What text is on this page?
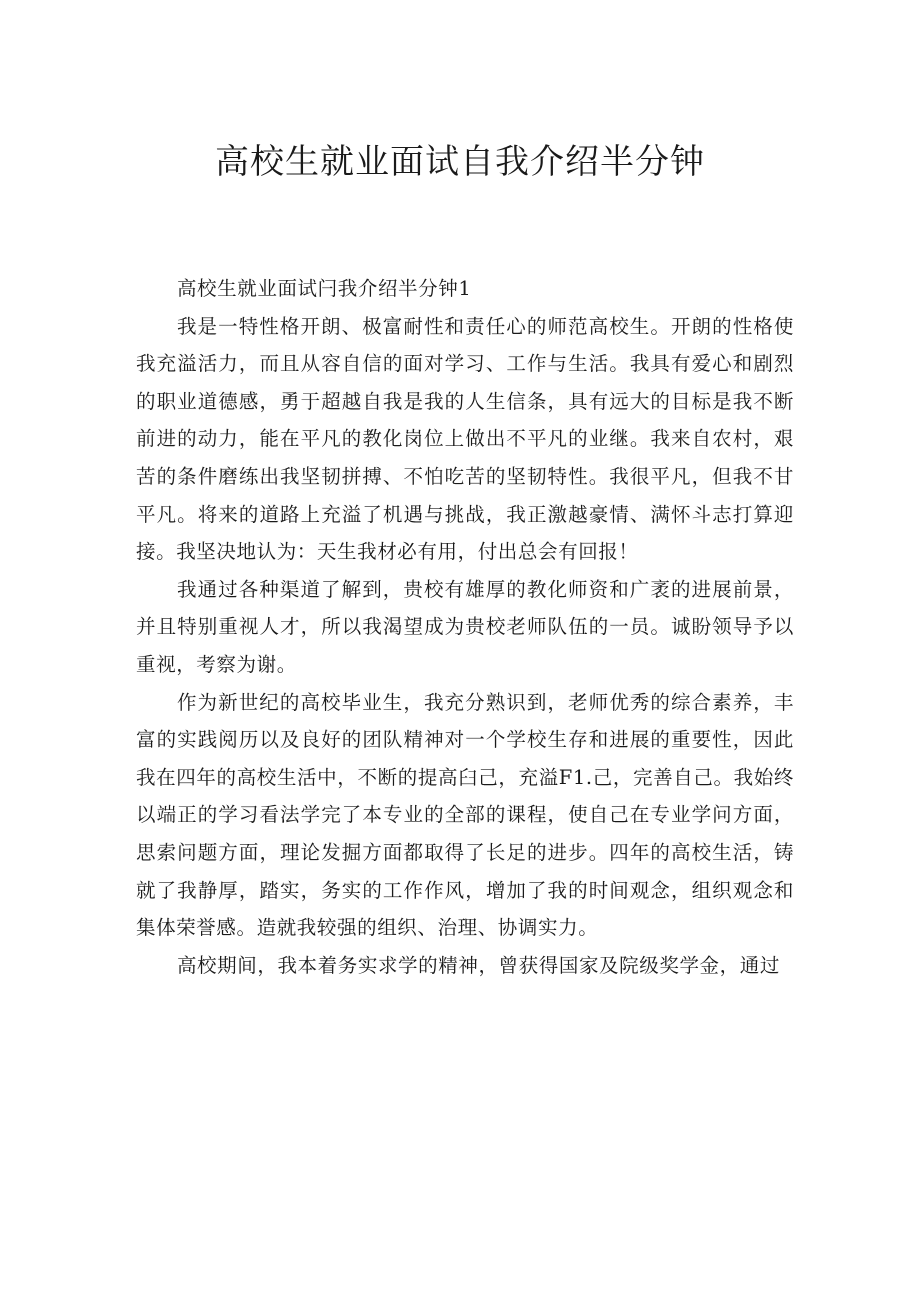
高校生就业面试自我介绍半分钟

高校生就业面试闩我介绍半分钟1

我是一特性格开朗、极富耐性和责任心的师范高校生。开朗的性格使我充溢活力，而且从容自信的面对学习、工作与生活。我具有爱心和剧烈的职业道德感，勇于超越自我是我的人生信条，具有远大的目标是我不断前进的动力，能在平凡的教化岗位上做出不平凡的业继。我来自农村，艰苦的条件磨练出我坚韧拼搏、不怕吃苦的坚韧特性。我很平凡，但我不甘平凡。将来的道路上充溢了机遇与挑战，我正激越豪情、满怀斗志打算迎接。我坚决地认为：天生我材必有用，付出总会有回报！

我通过各种渠道了解到，贵校有雄厚的教化师资和广袤的进展前景，并且特别重视人才，所以我渴望成为贵校老师队伍的一员。诚盼领导予以重视，考察为谢。

作为新世纪的高校毕业生，我充分熟识到，老师优秀的综合素养，丰富的实践阅历以及良好的团队精神对一个学校生存和进展的重要性，因此我在四年的高校生活中，不断的提高臼己，充溢F1.己，完善自己。我始终以端正的学习看法学完了本专业的全部的课程，使自己在专业学问方面，思索问题方面，理论发掘方面都取得了长足的进步。四年的高校生活，铸就了我静厚，踏实，务实的工作作风，增加了我的时间观念，组织观念和集体荣誉感。造就我较强的组织、治理、协调实力。

高校期间，我本着务实求学的精神，曾获得国家及院级奖学金，通过
